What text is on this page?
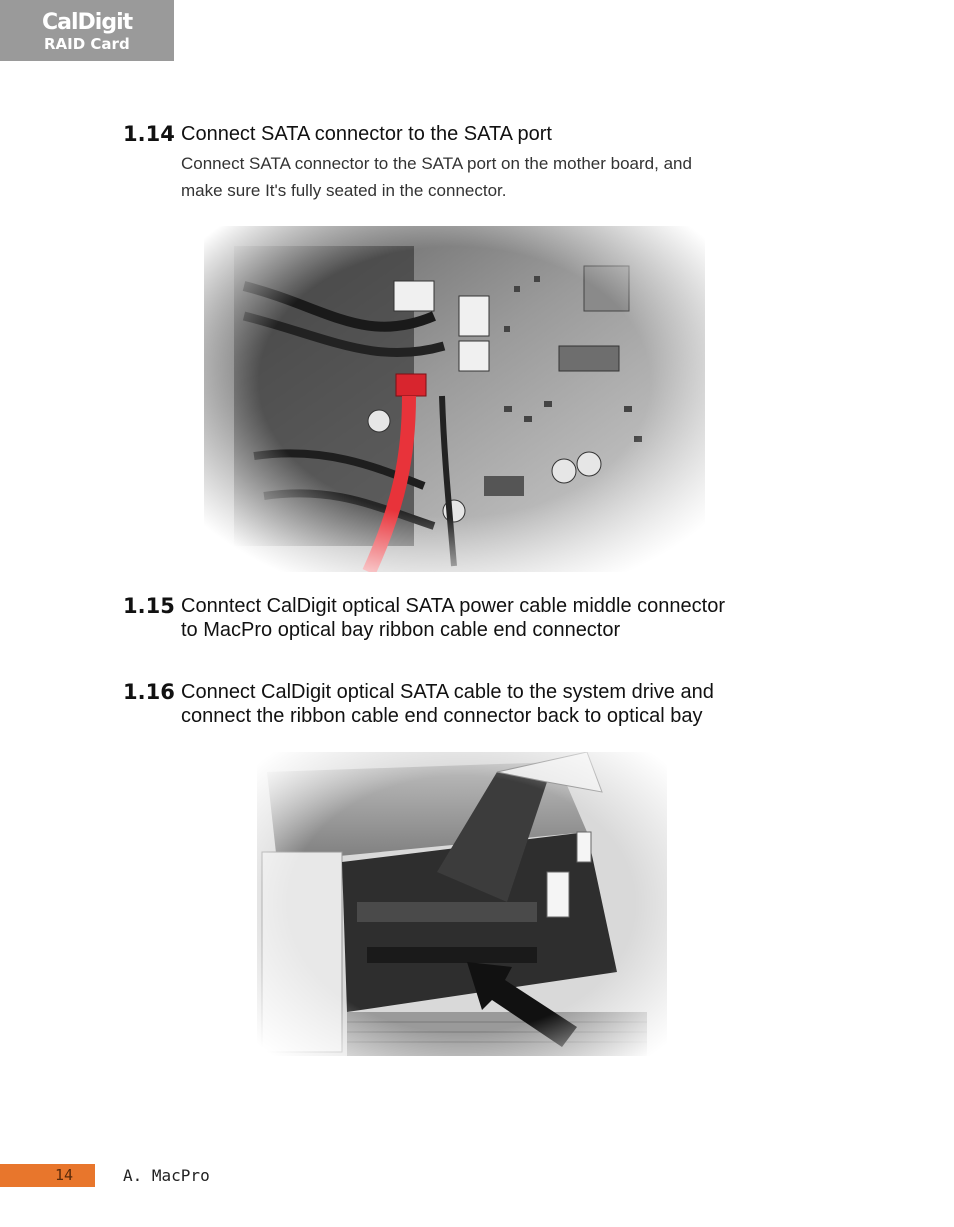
CalDigit
RAID Card
1.14 Connect SATA connector to the SATA port
Connect SATA connector to the SATA port on the mother board, and
make sure It's fully seated in the connector.
1.15 Conntect CalDigit optical SATA power cable middle connector
to MacPro optical bay ribbon cable end connector
1.16 Connect CalDigit optical SATA cable to the system drive and
connect the ribbon cable end connector back to optical bay
14	A. MacPro
